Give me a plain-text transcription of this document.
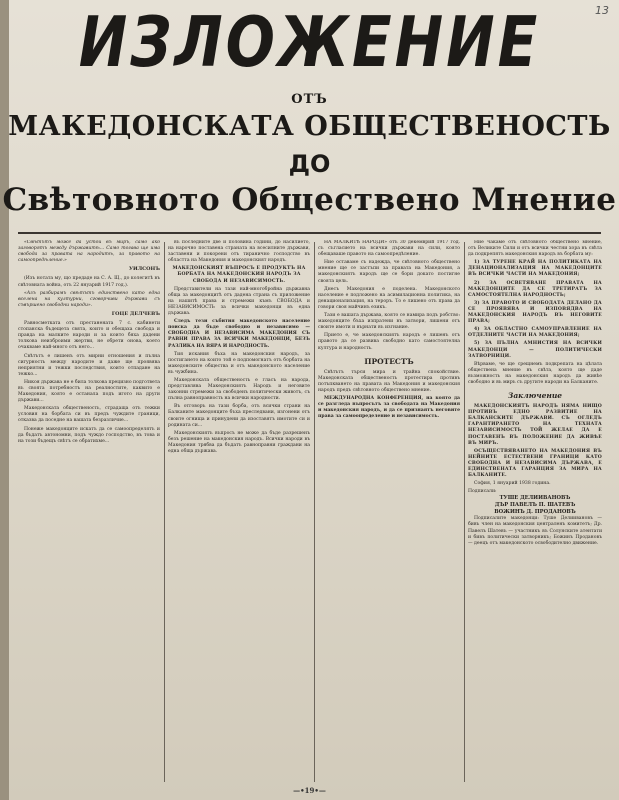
13
ИЗЛОЖЕНИЕ
ОТЪ
МАКЕДОНСКАТА ОБЩЕСТВЕНОСТЬ
ДО
Свѣтовното Обществено Мнение

«Свѣтътъ може да устои въ миръ, само ако заговорятъ между държавитѣ... Само тогава ще има свобода за правата на народитѣ, за правото на самоопредѣление.»

УИЛСОНЪ

(Изъ нотата му, що предаде на С. А. Щ., до колегитѣ въ свѣтовната война, отъ 22 януарий 1917 год.).

«Азъ разбирамъ свѣтътъ единствено като една вселена на културни, сговорчиви държави съ съвършено свободни народи».

ГОЦЕ ДЕЛЧЕВЪ

Равносметката отъ престанената 7 с. кабинети стопанска бъдещета свята, които и обещаха свобода и правда на малките народи и за които бяха дадени толкова неизброими жертви, не обрети онова, което очакваме най-много отъ него...

Свѣтътъ е лишенъ отъ мирни отношения и пълна сигурность между народите и даже ще проявява неприятни и тежки последствия, които отпадане на тежко...

Никоя държава не е била толкова прецизно подгответа въ своята потребностъ на реалностите, каквито е Македония, която е останала подъ игото на други държави...

Македонската общественость, страдаща отъ тежки условия на борбата си въ предъ чуждите граници, отказва да поседне на вашата безразличие...

Понеже македонците искатъ да се самоопределятъ и да бъдатъ автономни, подъ чуждо господство, въ това и на този бъдещъ свѣтъ се обратихме...

въ последните две и половина години, до насилието, на нарочно поставена страната на всесилните държави, заставени и покорени отъ тиранично господство въ областта на Македония и македонският народъ.

МАКЕДОНСКИЯТ ВЪПРОСЪ Е ПРОДУКТЪ НА БОРБАТА НА МАКЕДОНСКИЯ НАРОДЪ ЗА СВОБОДА И НЕЗАВИСИМОСТЬ.

Представители на тази най-многобройна държавна обща за македонцитѣ отъ дадена страна съ приложение на нашитѣ права и стремежи къмъ СВОБОДА и НЕЗАВИСИМОСТЬ за всички македонци въ една държава.

Следъ тези събития македонското население поиска да бъде свободно и независимо — СВОБОДНА И НЕЗАВИСИМА МАКЕДОНИЯ СЪ РАВНИ ПРАВА ЗА ВСИЧКИ МАКЕДОНЦИ, БЕЗЪ РАЗЛИКА НА ВЯРА И НАРОДНОСТЬ.

Тия искания бъха на македонския народъ, за постигането на които той е подпомогнатъ отъ борбата на македонските общества и отъ македонското население въ чужбина.

Македонската общественость е гласъ на народа, представлява Македонскиятъ Народъ и неговите законни стремежи за свободенъ политически животъ, съ пълна равноправность на всички народности.

Въ отговоръ на тази борба, отъ всички страни на Балканите македонците бъха преследвани, изгонени отъ своите огнища и принудени да изоставятъ имотите си и родината си...

Македонскиятъ въпросъ не може да бъде разрешенъ безъ решение на македонския народъ. Всички народи въ Македония трябва да бъдатъ равноправни граждани на една обща държава.

НА МАЛКИТѢ НАРОДИ» отъ 30 декемврий 1917 год. съ съгласието на всички държави на сили, която обещаваше правото на самоопредѣление.

Ние оставаме съ надежда, че свѣтовното обществено мнение ще се застъпи за правата на Македония, а македонскиятъ народъ ще се бори докато постигне своята цель.

Днесъ Македония е поделена. Македонското население е подложено на асимилационна политика, на денационализация, на тероръ. То е лишено отъ права да говори своя майчинъ езикъ.

Тази е вашата държава, която се намира подъ робство: македонците бъха изпратени въ затвори, лишени отъ своите имоти и върнати въ изгнание.

Прието е, че македонскиятъ народъ е лишенъ отъ правото да се развива свободно като самостоятелна култура и народность.

ПРОТЕСТЪ

Свѣтътъ търси мира и трайна спокойствие. Македонската общественость протестира противъ потъпкването на правата на Македония и македонския народъ предъ свѣтовното обществено мнение.

МЕЖДУНАРОДНА КОНФЕРЕНЦИЯ, на която да се разгледа въпросътъ за свободата на Македония и македонския народъ, и да се признаятъ неговите права за самоопределение и независимость.

Ние чакаме отъ свѣтовното обществено мнение, отъ Великите Сили и отъ всички честни хора въ свѣта да подкрепятъ македонския народъ въ борбата му:

1) ЗА ТУРЕНЕ КРАЙ НА ПОЛИТИКАТА НА ДЕНАЦИОНАЛИЗАЦИЯ НА МАКЕДОНЦИТЕ ВЪ ВСИЧКИ ЧАСТИ НА МАКЕДОНИЯ;

2) ЗА ОСВЕТЯВАНЕ ПРАВАТА НА МАКЕДОНЦИТЕ ДА СЕ ТРЕТИРАТЪ ЗА САМОСТОЯТЕЛНА НАРОДНОСТЬ;

3) ЗА ПРАВОТО И СВОБОДАТА ДЕЛАНО ДА СЕ ПРОЯВЯВА И ИЗПОВЯДВА НА МАКЕДОНСКИЯ НАРОДЪ ВЪ НЕГОВИТЕ ПРАВА;

4) ЗА ОБЛАСТНО САМОУПРАВЛЕНИЕ НА ОТДЕЛНИТЕ ЧАСТИ НА МАКЕДОНИЯ;

5) ЗА ПЪЛНА АМНИСТИЯ НА ВСИЧКИ МАКЕДОНЦИ — ПОЛИТИЧЕСКИ ЗАТВОРНИЦИ.

Вѣрваме, че ще срещнемъ подкрепата на цѣлата обществена мнение въ свѣта, която ще даде възможность на македонския народъ да живѣе свободно и въ миръ съ другите народи на Балканите.

Заключение

МАКЕДОНСКИЯТЪ НАРОДЪ НЯМА НИЩО ПРОТИВЪ ЕДНО РАЗВИТИЕ НА БАЛКАНСКИТЕ ДЪРЖАВИ. СЪ ОГЛЕДЪ ГАРАНТИРАНЕТО НА ТЕХНАТА НЕЗАВИСИМОСТЬ ТОЙ ЖЕЛАЕ ДА Е ПОСТАВЕНЪ ВЪ ПОЛОЖЕНИЕ ДА ЖИВѢЕ ВЪ МИРЪ.

ОСЪЩЕСТВЯВАНЕТО НА МАКЕДОНИЯ ВЪ НЕЙНИТЕ ЕСТЕСТВЕНИ ГРАНИЦИ КАТО СВОБОДНА И НЕЗАВИСИМА ДЪРЖАВА, Е ЕДИНСТВЕНАТА ГАРАНЦИЯ ЗА МИРА НА БАЛКАНИТЕ.

София, 1 януарий 1938 година.

Подписали:
ТУШЕ ДЕЛИИВАНОВЪ
ДЪР ПАВЕЛЪ П. ШАТЕВЪ
ВОЖИНЪ Д. ПРОДАНОВЪ

Подписалите македонци: Туше Делиивановъ — бивъ член на македонския централенъ комитетъ; Др. Павелъ Шатевъ — участникъ въ Солунските атентати и бивъ политически затворникъ; Божинъ Продановъ — деецъ отъ македонското освободително движение.

—•19•—
